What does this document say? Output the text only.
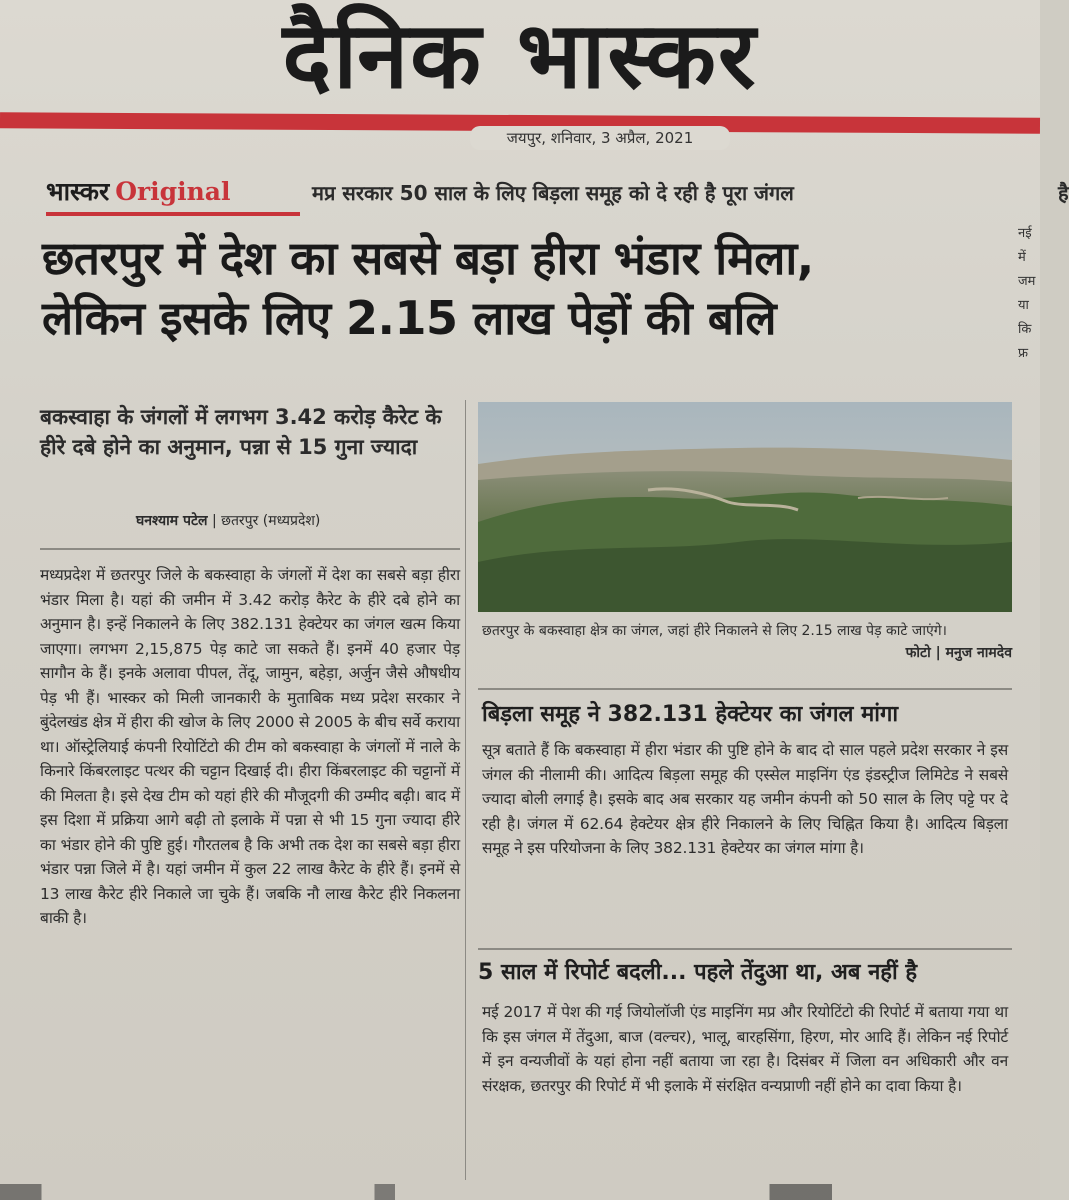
दैनिक भास्कर
जयपुर, शनिवार, 3 अप्रैल, 2021
भास्कर Original	मप्र सरकार 50 साल के लिए बिड़ला समूह को दे रही है पूरा जंगल	है
छतरपुर में देश का सबसे बड़ा हीरा भंडार मिला,
लेकिन इसके लिए 2.15 लाख पेड़ों की बलि
नई
में
जम
या
कि
फ्र
बकस्वाहा के जंगलों में लगभग 3.42 करोड़ कैरेट के हीरे दबे होने का अनुमान, पन्ना से 15 गुना ज्यादा
घनश्याम पटेल | छतरपुर (मध्यप्रदेश)

मध्यप्रदेश में छतरपुर जिले के बकस्वाहा के जंगलों में देश का सबसे बड़ा हीरा भंडार मिला है। यहां की जमीन में 3.42 करोड़ कैरेट के हीरे दबे होने का अनुमान है। इन्हें निकालने के लिए 382.131 हेक्टेयर का जंगल खत्म किया जाएगा। लगभग 2,15,875 पेड़ काटे जा सकते हैं। इनमें 40 हजार पेड़ सागौन के हैं। इनके अलावा पीपल, तेंदू, जामुन, बहेड़ा, अर्जुन जैसे औषधीय पेड़ भी हैं। भास्कर को मिली जानकारी के मुताबिक मध्य प्रदेश सरकार ने बुंदेलखंड क्षेत्र में हीरा की खोज के लिए 2000 से 2005 के बीच सर्वे कराया था। ऑस्ट्रेलियाई कंपनी रियोटिंटो की टीम को बकस्वाहा के जंगलों में नाले के किनारे किंबरलाइट पत्थर की चट्टान दिखाई दी। हीरा किंबरलाइट की चट्टानों में की मिलता है। इसे देख टीम को यहां हीरे की मौजूदगी की उम्मीद बढ़ी। बाद में इस दिशा में प्रक्रिया आगे बढ़ी तो इलाके में पन्ना से भी 15 गुना ज्यादा हीरे का भंडार होने की पुष्टि हुई। गौरतलब है कि अभी तक देश का सबसे बड़ा हीरा भंडार पन्ना जिले में है। यहां जमीन में कुल 22 लाख कैरेट के हीरे हैं। इनमें से 13 लाख कैरेट हीरे निकाले जा चुके हैं। जबकि नौ लाख कैरेट हीरे निकलना बाकी है।

छतरपुर के बकस्वाहा क्षेत्र का जंगल, जहां हीरे निकालने से लिए 2.15 लाख पेड़ काटे जाएंगे।
फोटो | मनुज नामदेव
बिड़ला समूह ने 382.131 हेक्टेयर का जंगल मांगा
सूत्र बताते हैं कि बकस्वाहा में हीरा भंडार की पुष्टि होने के बाद दो साल पहले प्रदेश सरकार ने इस जंगल की नीलामी की। आदित्य बिड़ला समूह की एस्सेल माइनिंग एंड इंडस्ट्रीज लिमिटेड ने सबसे ज्यादा बोली लगाई है। इसके बाद अब सरकार यह जमीन कंपनी को 50 साल के लिए पट्टे पर दे रही है। जंगल में 62.64 हेक्टेयर क्षेत्र हीरे निकालने के लिए चिह्नित किया है। आदित्य बिड़ला समूह ने इस परियोजना के लिए 382.131 हेक्टेयर का जंगल मांगा है।
5 साल में रिपोर्ट बदली... पहले तेंदुआ था, अब नहीं है
मई 2017 में पेश की गई जियोलॉजी एंड माइनिंग मप्र और रियोटिंटो की रिपोर्ट में बताया गया था कि इस जंगल में तेंदुआ, बाज (वल्चर), भालू, बारहसिंगा, हिरण, मोर आदि हैं। लेकिन नई रिपोर्ट में इन वन्यजीवों के यहां होना नहीं बताया जा रहा है। दिसंबर में जिला वन अधिकारी और वन संरक्षक, छतरपुर की रिपोर्ट में भी इलाके में संरक्षित वन्यप्राणी नहीं होने का दावा किया है।
